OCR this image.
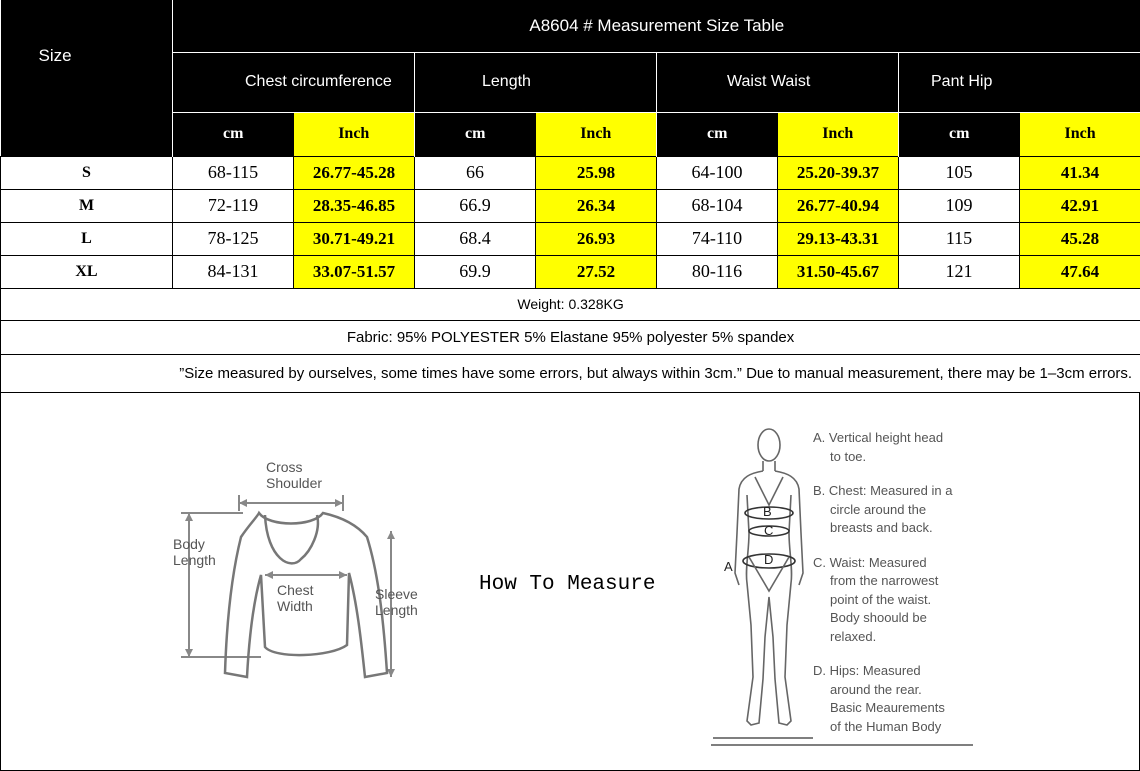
Size	A8604 # Measurement Size Table							
	Chest circumference		Length		Waist Waist		Pant Hip	
	cm	Inch	cm	Inch	cm	Inch	cm	Inch
S	68-115	26.77-45.28	66	25.98	64-100	25.20-39.37	105	41.34
M	72-119	28.35-46.85	66.9	26.34	68-104	26.77-40.94	109	42.91
L	78-125	30.71-49.21	68.4	26.93	74-110	29.13-43.31	115	45.28
XL	84-131	33.07-51.57	69.9	27.52	80-116	31.50-45.67	121	47.64
Weight: 0.328KG								
Fabric: 95% POLYESTER 5% Elastane 95% polyester 5% spandex								
”Size measured by ourselves, some times have some errors, but always within 3cm.” Due to manual measurement, there may be 1–3cm errors.								
Cross
Shoulder
Body
Length
Chest
Width
Sleeve
Length
How To Measure
B
C
D
A

A. Vertical height head
to toe.

B. Chest: Measured in a
circle around the
breasts and back.

C. Waist: Measured
from the narrowest
point of the waist.
Body shoould be
relaxed.

D. Hips: Measured
around the rear.
Basic Meaurements
of the Human Body
